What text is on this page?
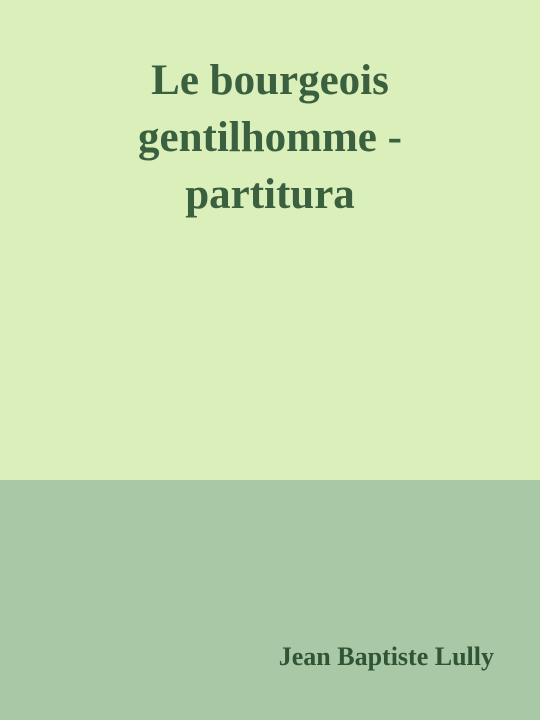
Le bourgeois
gentilhomme -
partitura

Jean Baptiste Lully
